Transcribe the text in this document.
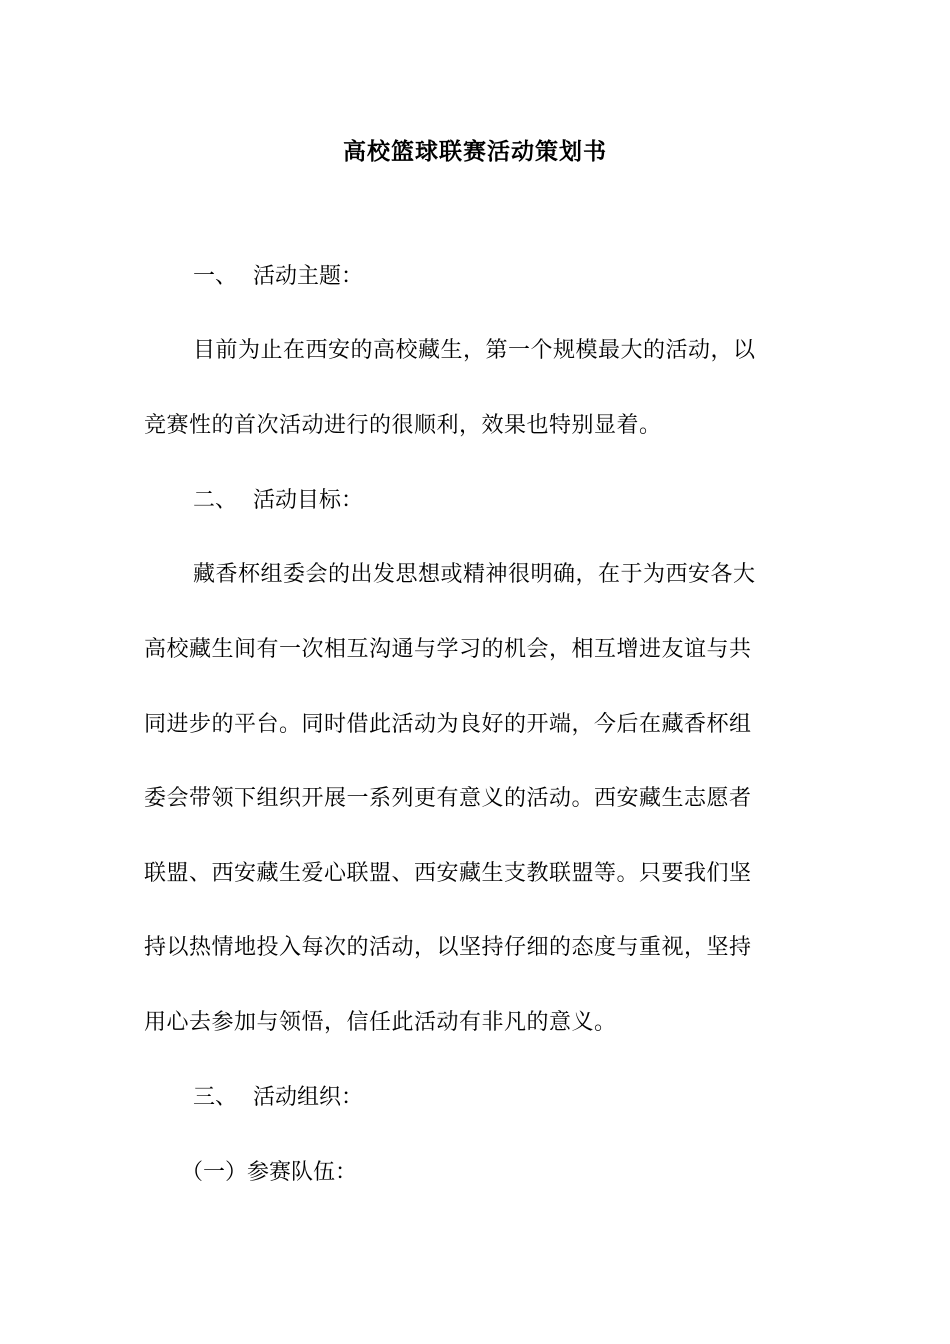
高校篮球联赛活动策划书
一、 活动主题：
目前为止在西安的高校藏生，第一个规模最大的活动，以
竞赛性的首次活动进行的很顺利，效果也特别显着。
二、 活动目标：
藏香杯组委会的出发思想或精神很明确，在于为西安各大
高校藏生间有一次相互沟通与学习的机会，相互增进友谊与共
同进步的平台。同时借此活动为良好的开端，今后在藏香杯组
委会带领下组织开展一系列更有意义的活动。西安藏生志愿者
联盟、西安藏生爱心联盟、西安藏生支教联盟等。只要我们坚
持以热情地投入每次的活动，以坚持仔细的态度与重视，坚持
用心去参加与领悟，信任此活动有非凡的意义。
三、 活动组织：
（一）参赛队伍：
